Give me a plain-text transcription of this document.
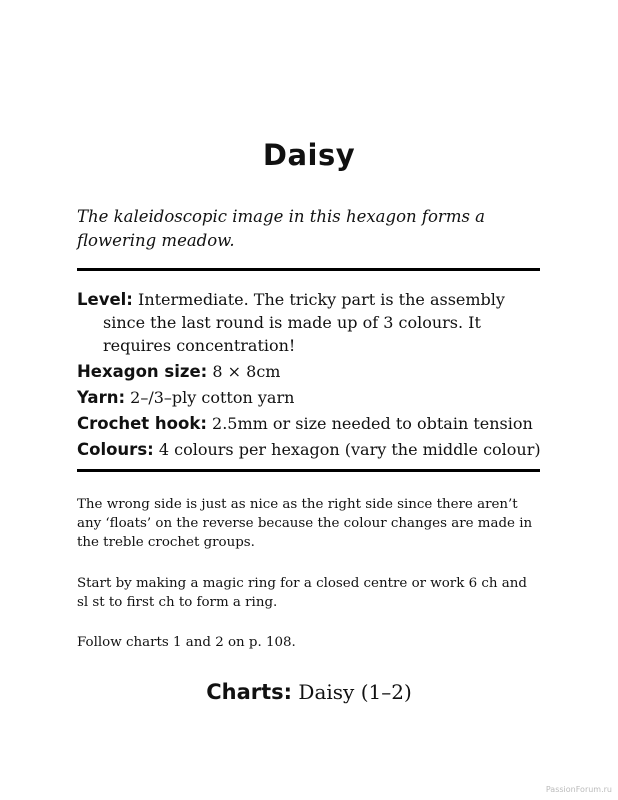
Daisy
The kaleidoscopic image in this hexagon forms a flowering meadow.
Level: Intermediate. The tricky part is the assembly since the last round is made up of 3 colours. It requires concentration!
Hexagon size: 8 × 8cm
Yarn: 2–/3–ply cotton yarn
Crochet hook: 2.5mm or size needed to obtain tension
Colours: 4 colours per hexagon (vary the middle colour)
The wrong side is just as nice as the right side since there aren’t any ‘floats’ on the reverse because the colour changes are made in the treble crochet groups.
Start by making a magic ring for a closed centre or work 6 ch and sl st to first ch to form a ring.
Follow charts 1 and 2 on p. 108.
Charts: Daisy (1–2)
PassionForum.ru
